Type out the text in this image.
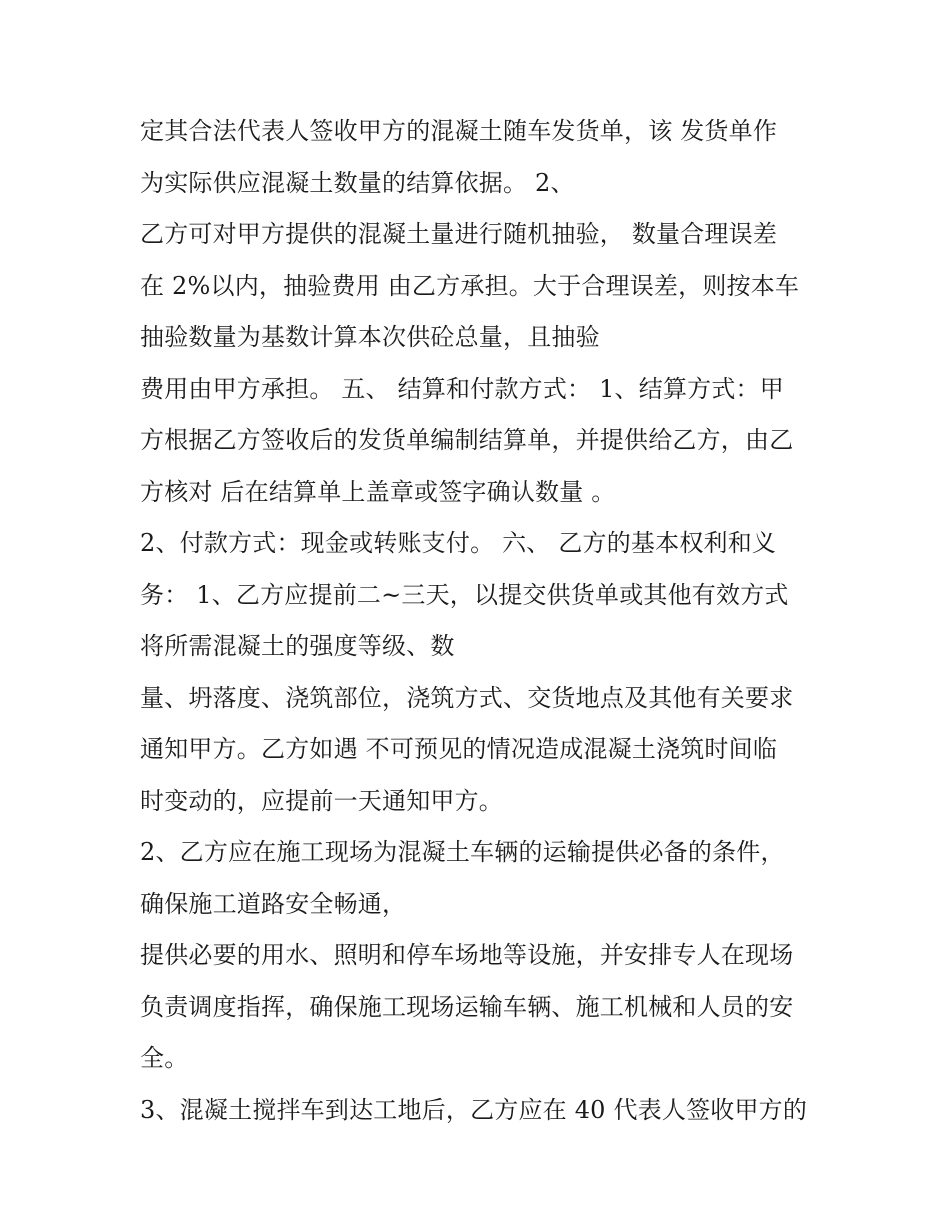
定其合法代表人签收甲方的混凝土随车发货单，该 发货单作
为实际供应混凝土数量的结算依据。 2、
乙方可对甲方提供的混凝土量进行随机抽验， 数量合理误差
在 2%以内，抽验费用 由乙方承担。大于合理误差，则按本车
抽验数量为基数计算本次供砼总量，且抽验
费用由甲方承担。 五、 结算和付款方式： 1、结算方式：甲
方根据乙方签收后的发货单编制结算单，并提供给乙方，由乙
方核对 后在结算单上盖章或签字确认数量 。
2、付款方式：现金或转账支付。 六、 乙方的基本权利和义
务： 1、乙方应提前二~三天，以提交供货单或其他有效方式
将所需混凝土的强度等级、数
量、坍落度、浇筑部位，浇筑方式、交货地点及其他有关要求
通知甲方。乙方如遇 不可预见的情况造成混凝土浇筑时间临
时变动的，应提前一天通知甲方。
2、乙方应在施工现场为混凝土车辆的运输提供必备的条件，
确保施工道路安全畅通，
提供必要的用水、照明和停车场地等设施，并安排专人在现场
负责调度指挥，确保施工现场运输车辆、施工机械和人员的安
全。
3、混凝土搅拌车到达工地后，乙方应在 40 代表人签收甲方的
